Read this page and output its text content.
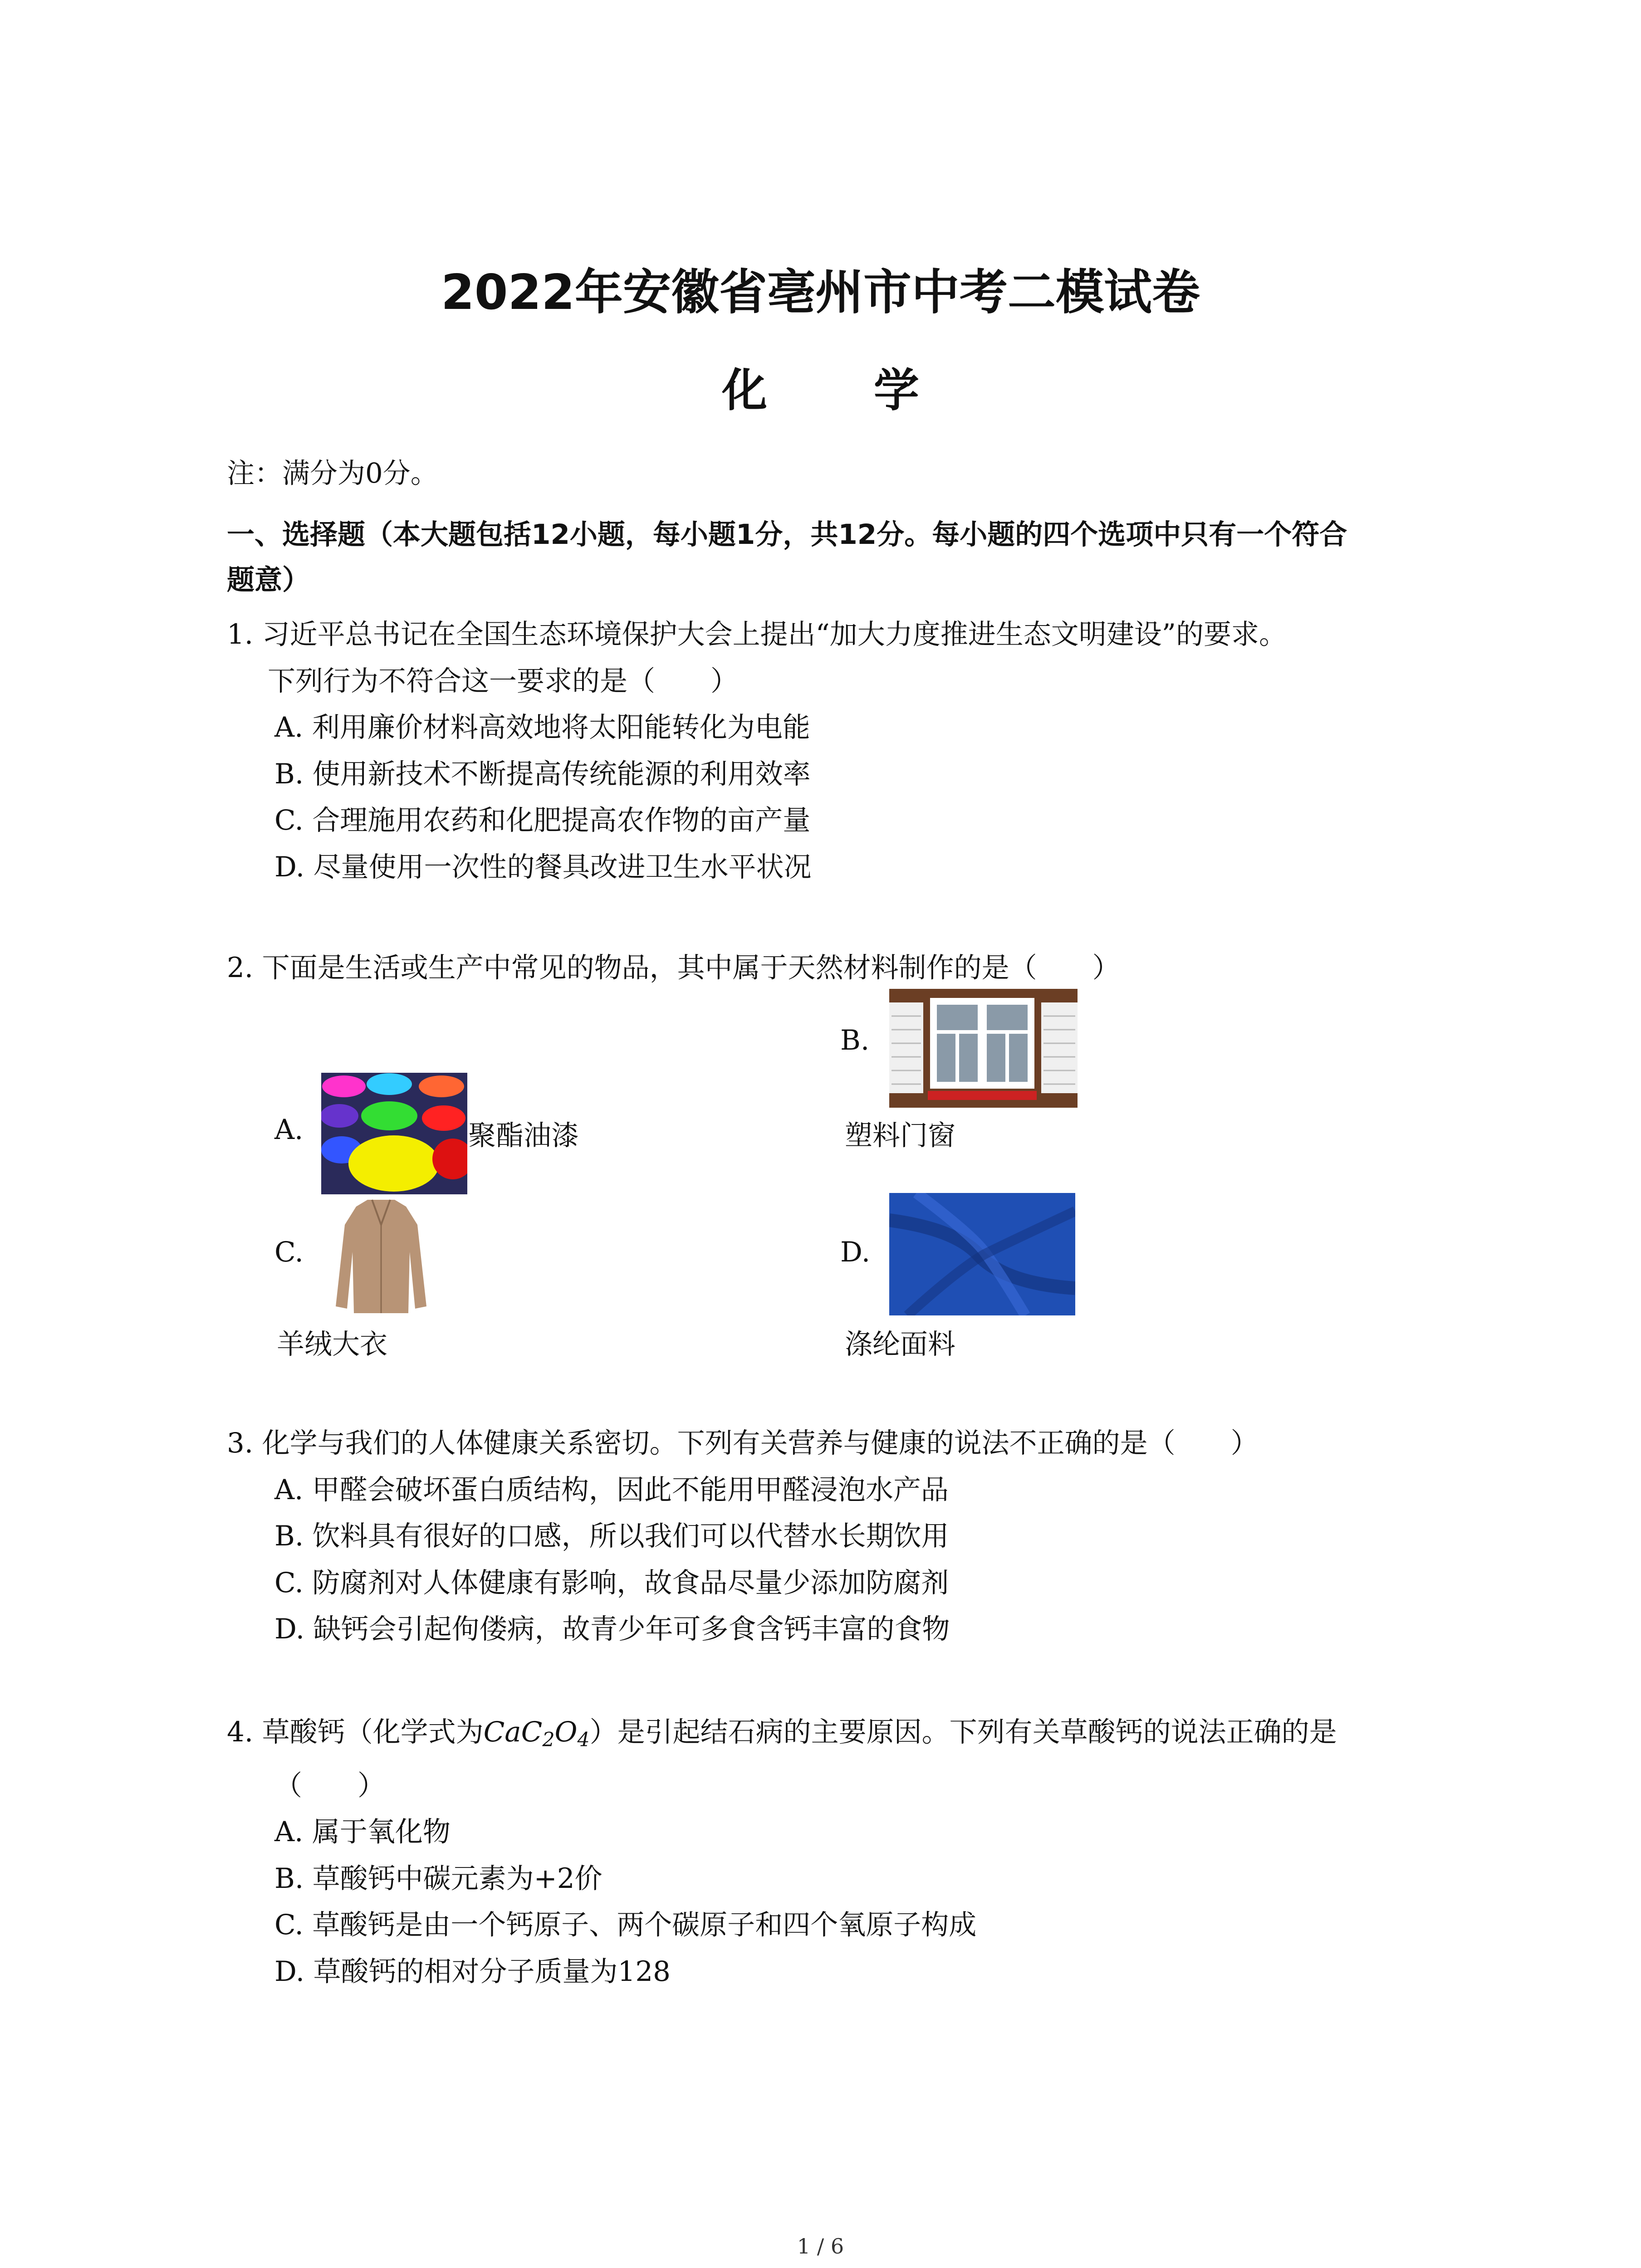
2022年安徽省亳州市中考二模试卷
化 学
注：满分为0分。
一、选择题（本大题包括12小题，每小题1分，共12分。每小题的四个选项中只有一个符合
题意）
1. 习近平总书记在全国生态环境保护大会上提出“加大力度推进生态文明建设”的要求。
下列行为不符合这一要求的是（　　）
A. 利用廉价材料高效地将太阳能转化为电能
B. 使用新技术不断提高传统能源的利用效率
C. 合理施用农药和化肥提高农作物的亩产量
D. 尽量使用一次性的餐具改进卫生水平状况
2. 下面是生活或生产中常见的物品，其中属于天然材料制作的是（　　）
A.	聚酯油漆
B.
塑料门窗
C.
羊绒大衣
D.
涤纶面料
3. 化学与我们的人体健康关系密切。下列有关营养与健康的说法不正确的是（　　）
A. 甲醛会破坏蛋白质结构，因此不能用甲醛浸泡水产品
B. 饮料具有很好的口感，所以我们可以代替水长期饮用
C. 防腐剂对人体健康有影响，故食品尽量少添加防腐剂
D. 缺钙会引起佝偻病，故青少年可多食含钙丰富的食物
4. 草酸钙（化学式为$CaC_2O_4$）是引起结石病的主要原因。下列有关草酸钙的说法正确的是
（　　）
A. 属于氧化物
B. 草酸钙中碳元素为+2价
C. 草酸钙是由一个钙原子、两个碳原子和四个氧原子构成
D. 草酸钙的相对分子质量为128
1 / 6
